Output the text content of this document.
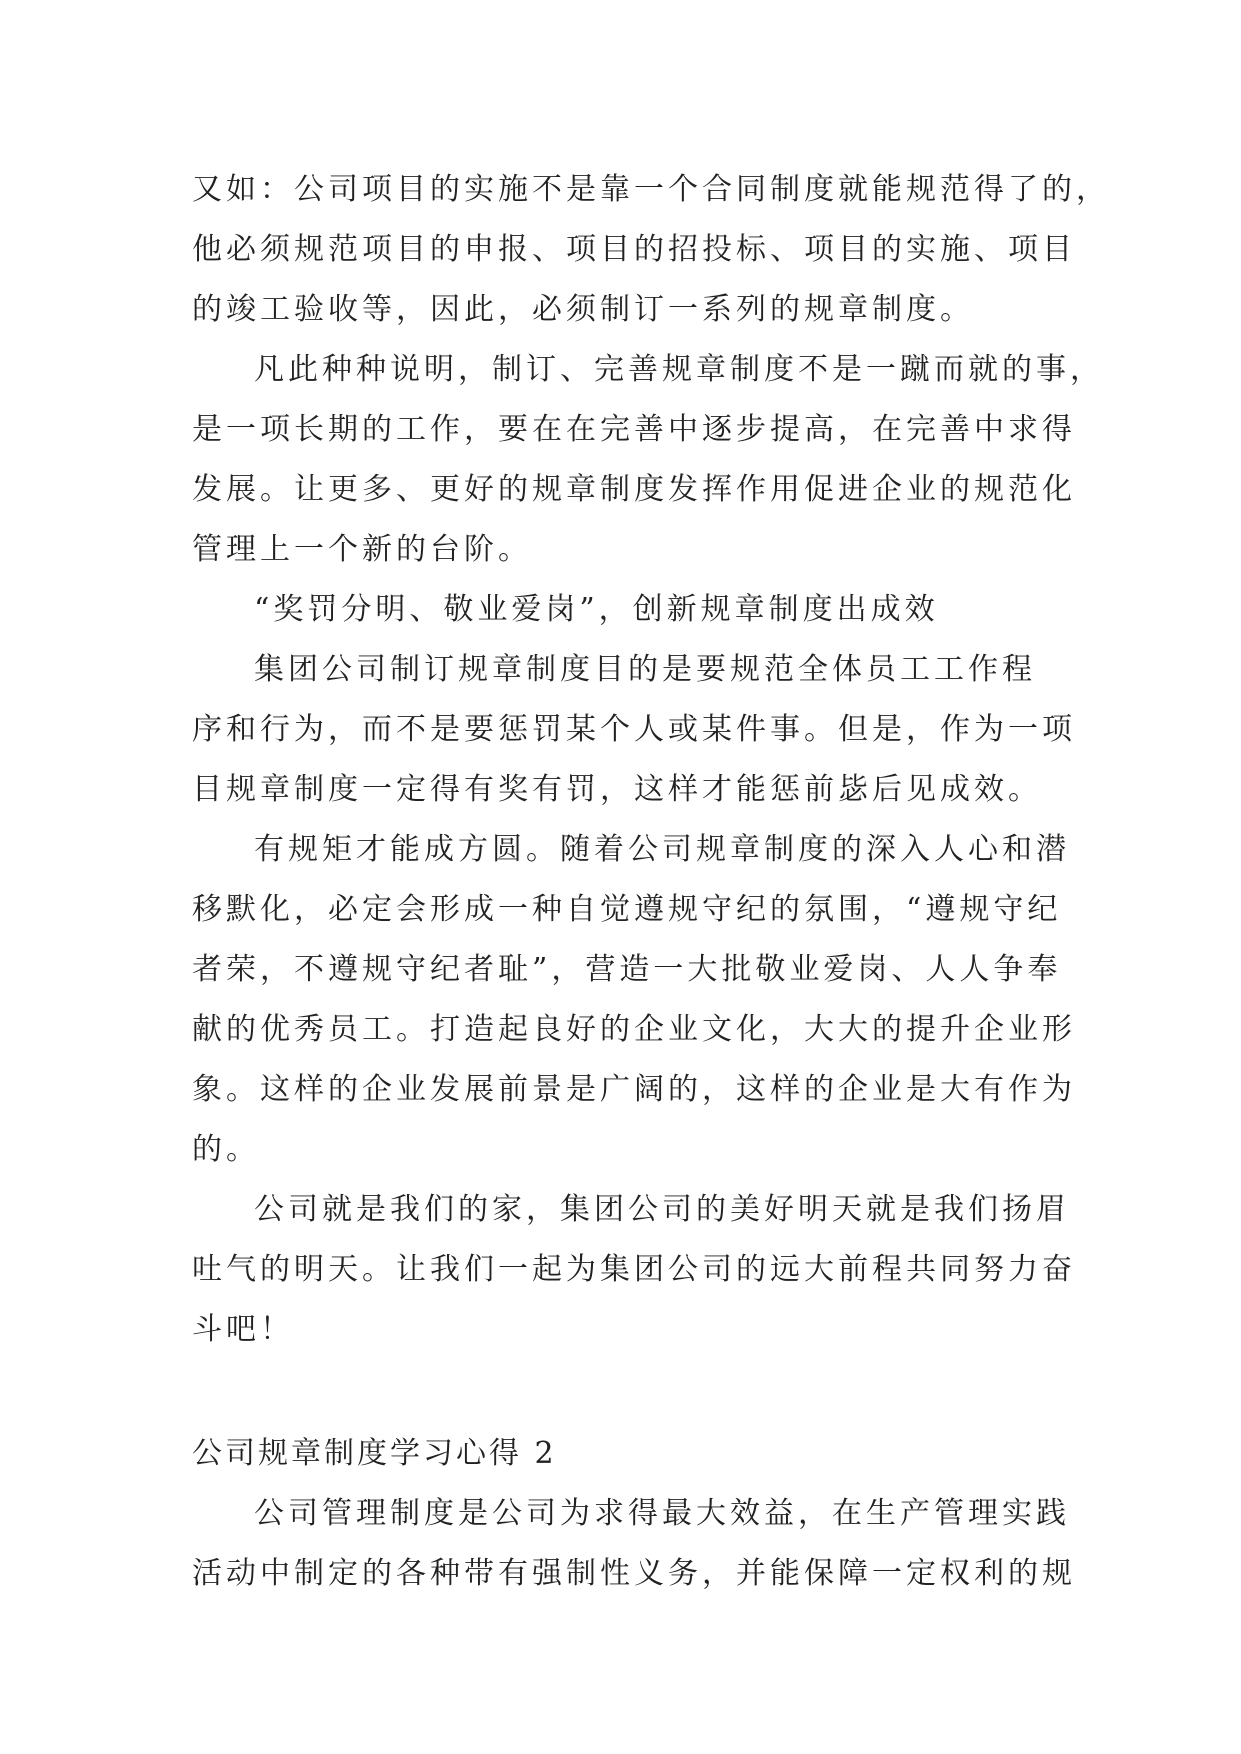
又如：公司项目的实施不是靠一个合同制度就能规范得了的，
他必须规范项目的申报、项目的招投标、项目的实施、项目
的竣工验收等，因此，必须制订一系列的规章制度。
凡此种种说明，制订、完善规章制度不是一蹴而就的事，
是一项长期的工作，要在在完善中逐步提高，在完善中求得
发展。让更多、更好的规章制度发挥作用促进企业的规范化
管理上一个新的台阶。
“奖罚分明、敬业爱岗”，创新规章制度出成效
集团公司制订规章制度目的是要规范全体员工工作程
序和行为，而不是要惩罚某个人或某件事。但是，作为一项
目规章制度一定得有奖有罚，这样才能惩前毖后见成效。
有规矩才能成方圆。随着公司规章制度的深入人心和潜
移默化，必定会形成一种自觉遵规守纪的氛围，“遵规守纪
者荣，不遵规守纪者耻”，营造一大批敬业爱岗、人人争奉
献的优秀员工。打造起良好的企业文化，大大的提升企业形
象。这样的企业发展前景是广阔的，这样的企业是大有作为
的。
公司就是我们的家，集团公司的美好明天就是我们扬眉
吐气的明天。让我们一起为集团公司的远大前程共同努力奋
斗吧！
公司规章制度学习心得 2
公司管理制度是公司为求得最大效益，在生产管理实践
活动中制定的各种带有强制性义务，并能保障一定权利的规
